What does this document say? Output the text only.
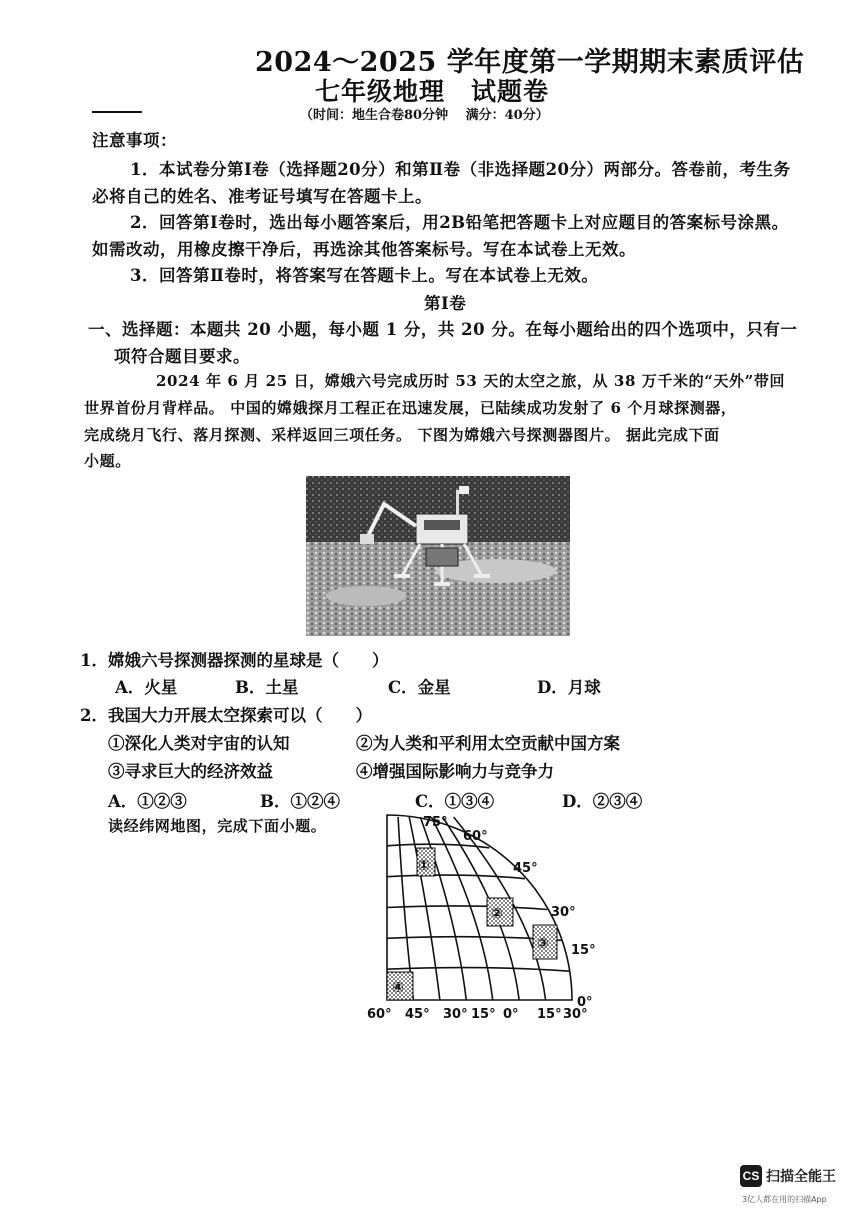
2024～2025 学年度第一学期期末素质评估
七年级地理　试题卷
（时间：地生合卷80分钟　 满分：40分）
注意事项：
1．本试卷分第Ⅰ卷（选择题20分）和第Ⅱ卷（非选择题20分）两部分。答卷前，考生务
必将自己的姓名、准考证号填写在答题卡上。
2．回答第Ⅰ卷时，选出每小题答案后，用2B铅笔把答题卡上对应题目的答案标号涂黑。
如需改动，用橡皮擦干净后，再选涂其他答案标号。写在本试卷上无效。
3．回答第Ⅱ卷时，将答案写在答题卡上。写在本试卷上无效。
第Ⅰ卷
一、选择题：本题共 20 小题，每小题 1 分，共 20 分。在每小题给出的四个选项中，只有一
项符合题目要求。
2024 年 6 月 25 日，嫦娥六号完成历时 53 天的太空之旅，从 38 万千米的“天外”带回
世界首份月背样品。 中国的嫦娥探月工程正在迅速发展，已陆续成功发射了 6 个月球探测器，
完成绕月飞行、落月探测、采样返回三项任务。 下图为嫦娥六号探测器图片。 据此完成下面
小题。
1．嫦娥六号探测器探测的星球是（　　）
A．火星	B．土星	C．金星	D．月球
2．我国大力开展太空探索可以（　　）
①深化人类对宇宙的认知	②为人类和平利用太空贡献中国方案
③寻求巨大的经济效益	④增强国际影响力与竞争力
A．①②③	B．①②④	C．①③④	D．②③④
读经纬网地图，完成下面小题。	75°
60°
45°
30°
15°
0°
60° 45° 30° 15° 0° 15° 30°
①
②
③
④
CS 扫描全能王
3亿人都在用的扫描App
